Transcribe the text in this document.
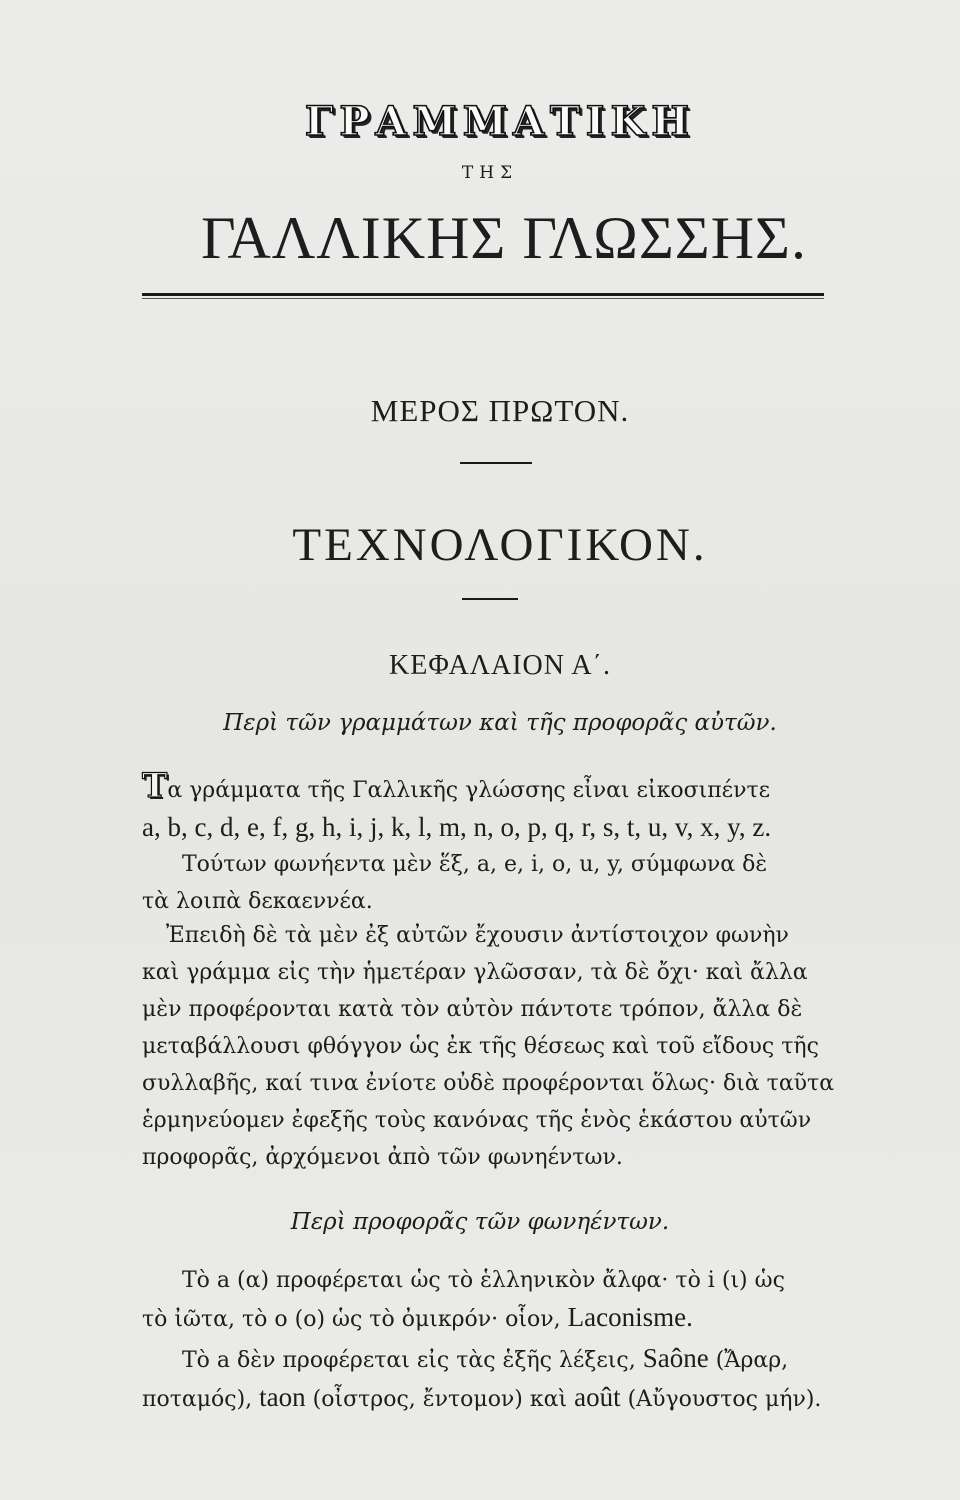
ΓΡΑΜΜΑΤΙΚΗ
ΤΗΣ
ΓΑΛΛΙΚΗΣ ΓΛΩΣΣΗΣ.
ΜΕΡΟΣ ΠΡΩΤΟΝ.
ΤΕΧΝΟΛΟΓΙΚΟΝ.
ΚΕΦΑΛΑΙΟΝ Α΄.
Περὶ τῶν γραμμάτων καὶ τῆς προφορᾶς αὐτῶν.
Τα γράμματα τῆς Γαλλικῆς γλώσσης εἶναι εἰκοσιπέντε
a, b, c, d, e, f, g, h, i, j, k, l, m, n, o, p, q, r, s, t, u, v, x, y, z.
Τούτων φωνήεντα μὲν ἕξ, a, e, i, o, u, y, σύμφωνα δὲ
τὰ λοιπὰ δεκαεννέα.
Ἐπειδὴ δὲ τὰ μὲν ἐξ αὐτῶν ἔχουσιν ἀντίστοιχον φωνὴν
καὶ γράμμα εἰς τὴν ἡμετέραν γλῶσσαν, τὰ δὲ ὄχι· καὶ ἄλλα
μὲν προφέρονται κατὰ τὸν αὐτὸν πάντοτε τρόπον, ἄλλα δὲ
μεταβάλλουσι φθόγγον ὡς ἐκ τῆς θέσεως καὶ τοῦ εἴδους τῆς
συλλαβῆς, καί τινα ἐνίοτε οὐδὲ προφέρονται ὅλως· διὰ ταῦτα
ἑρμηνεύομεν ἐφεξῆς τοὺς κανόνας τῆς ἑνὸς ἑκάστου αὐτῶν
προφορᾶς, ἀρχόμενοι ἀπὸ τῶν φωνηέντων.
Περὶ προφορᾶς τῶν φωνηέντων.
Τὸ a (α) προφέρεται ὡς τὸ ἑλληνικὸν ἄλφα· τὸ i (ι) ὡς
τὸ ἰῶτα, τὸ o (ο) ὡς τὸ ὀμικρόν· οἷον, Laconisme.
Τὸ a δὲν προφέρεται εἰς τὰς ἑξῆς λέξεις, Saône (Ἄραρ,
ποταμός), taon (οἶστρος, ἔντομον) καὶ août (Αὔγουστος μήν).
